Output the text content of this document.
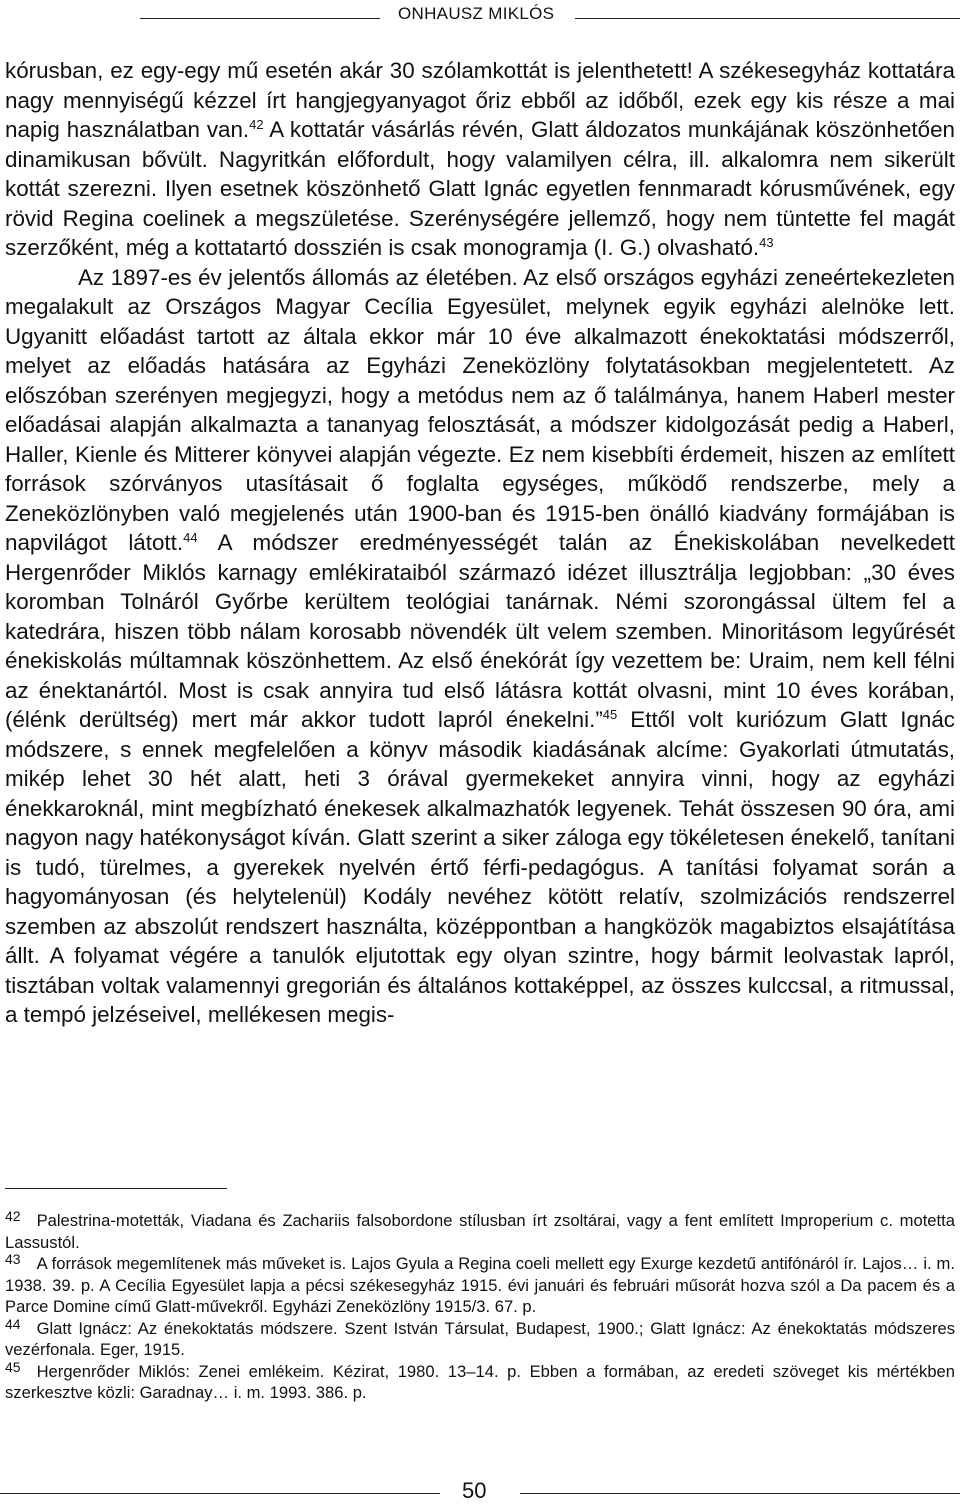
ONHAUSZ MIKLÓS

kórusban, ez egy-egy mű esetén akár 30 szólamkottát is jelenthetett! A székesegyház kottatára nagy mennyiségű kézzel írt hangjegyanyagot őriz ebből az időből, ezek egy kis része a mai napig használatban van.$^{42}$ A kottatár vásárlás révén, Glatt áldozatos munkájának köszönhetően dinamikusan bővült. Nagyritkán előfordult, hogy valamilyen célra, ill. alkalomra nem sikerült kottát szerezni. Ilyen esetnek köszönhető Glatt Ignác egyetlen fennmaradt kórusművének, egy rövid Regina coelinek a megszületése. Szerénységére jellemző, hogy nem tüntette fel magát szerzőként, még a kottatartó dosszién is csak monogramja (I. G.) olvasható.$^{43}$

Az 1897-es év jelentős állomás az életében. Az első országos egyházi zeneértekezleten megalakult az Országos Magyar Cecília Egyesület, melynek egyik egyházi alelnöke lett. Ugyanitt előadást tartott az általa ekkor már 10 éve alkalmazott énekoktatási módszerről, melyet az előadás hatására az Egyházi Zeneközlöny folytatásokban megjelentetett. Az előszóban szerényen megjegyzi, hogy a metódus nem az ő találmánya, hanem Haberl mester előadásai alapján alkalmazta a tananyag felosztását, a módszer kidolgozását pedig a Haberl, Haller, Kienle és Mitterer könyvei alapján végezte. Ez nem kisebbíti érdemeit, hiszen az említett források szórványos utasításait ő foglalta egységes, működő rendszerbe, mely a Zeneközlönyben való megjelenés után 1900-ban és 1915-ben önálló kiadvány formájában is napvilágot látott.$^{44}$ A módszer eredményességét talán az Énekiskolában nevelkedett Hergenrőder Miklós karnagy emlékirataiból származó idézet illusztrálja legjobban: „30 éves koromban Tolnáról Győrbe kerültem teológiai tanárnak. Némi szorongással ültem fel a katedrára, hiszen több nálam korosabb növendék ült velem szemben. Minoritásom legyűrését énekiskolás múltamnak köszönhettem. Az első énekórát így vezettem be: Uraim, nem kell félni az énektanártól. Most is csak annyira tud első látásra kottát olvasni, mint 10 éves korában, (élénk derültség) mert már akkor tudott lapról énekelni.”$^{45}$ Ettől volt kuriózum Glatt Ignác módszere, s ennek megfelelően a könyv második kiadásának alcíme: Gyakorlati útmutatás, mikép lehet 30 hét alatt, heti 3 órával gyermekeket annyira vinni, hogy az egyházi énekkaroknál, mint megbízható énekesek alkalmazhatók legyenek. Tehát összesen 90 óra, ami nagyon nagy hatékonyságot kíván. Glatt szerint a siker záloga egy tökéletesen énekelő, tanítani is tudó, türelmes, a gyerekek nyelvén értő férfi-pedagógus. A tanítási folyamat során a hagyományosan (és helytelenül) Kodály nevéhez kötött relatív, szolmizációs rendszerrel szemben az abszolút rendszert használta, középpontban a hangközök magabiztos elsajátítása állt. A folyamat végére a tanulók eljutottak egy olyan szintre, hogy bármit leolvastak lapról, tisztában voltak valamennyi gregorián és általános kottaképpel, az összes kulccsal, a ritmussal, a tempó jelzéseivel, mellékesen megis-

$^{42}$ Palestrina-motetták, Viadana és Zachariis falsobordone stílusban írt zsoltárai, vagy a fent említett Improperium c. motetta Lassustól.

$^{43}$ A források megemlítenek más műveket is. Lajos Gyula a Regina coeli mellett egy Exurge kezdetű antifónáról ír. Lajos… i. m. 1938. 39. p. A Cecília Egyesület lapja a pécsi székesegyház 1915. évi januári és februári műsorát hozva szól a Da pacem és a Parce Domine című Glatt-művekről. Egyházi Zeneközlöny 1915/3. 67. p.

$^{44}$ Glatt Ignácz: Az énekoktatás módszere. Szent István Társulat, Budapest, 1900.; Glatt Ignácz: Az énekoktatás módszeres vezérfonala. Eger, 1915.

$^{45}$ Hergenrőder Miklós: Zenei emlékeim. Kézirat, 1980. 13–14. p. Ebben a formában, az eredeti szöveget kis mértékben szerkesztve közli: Garadnay… i. m. 1993. 386. p.

50
